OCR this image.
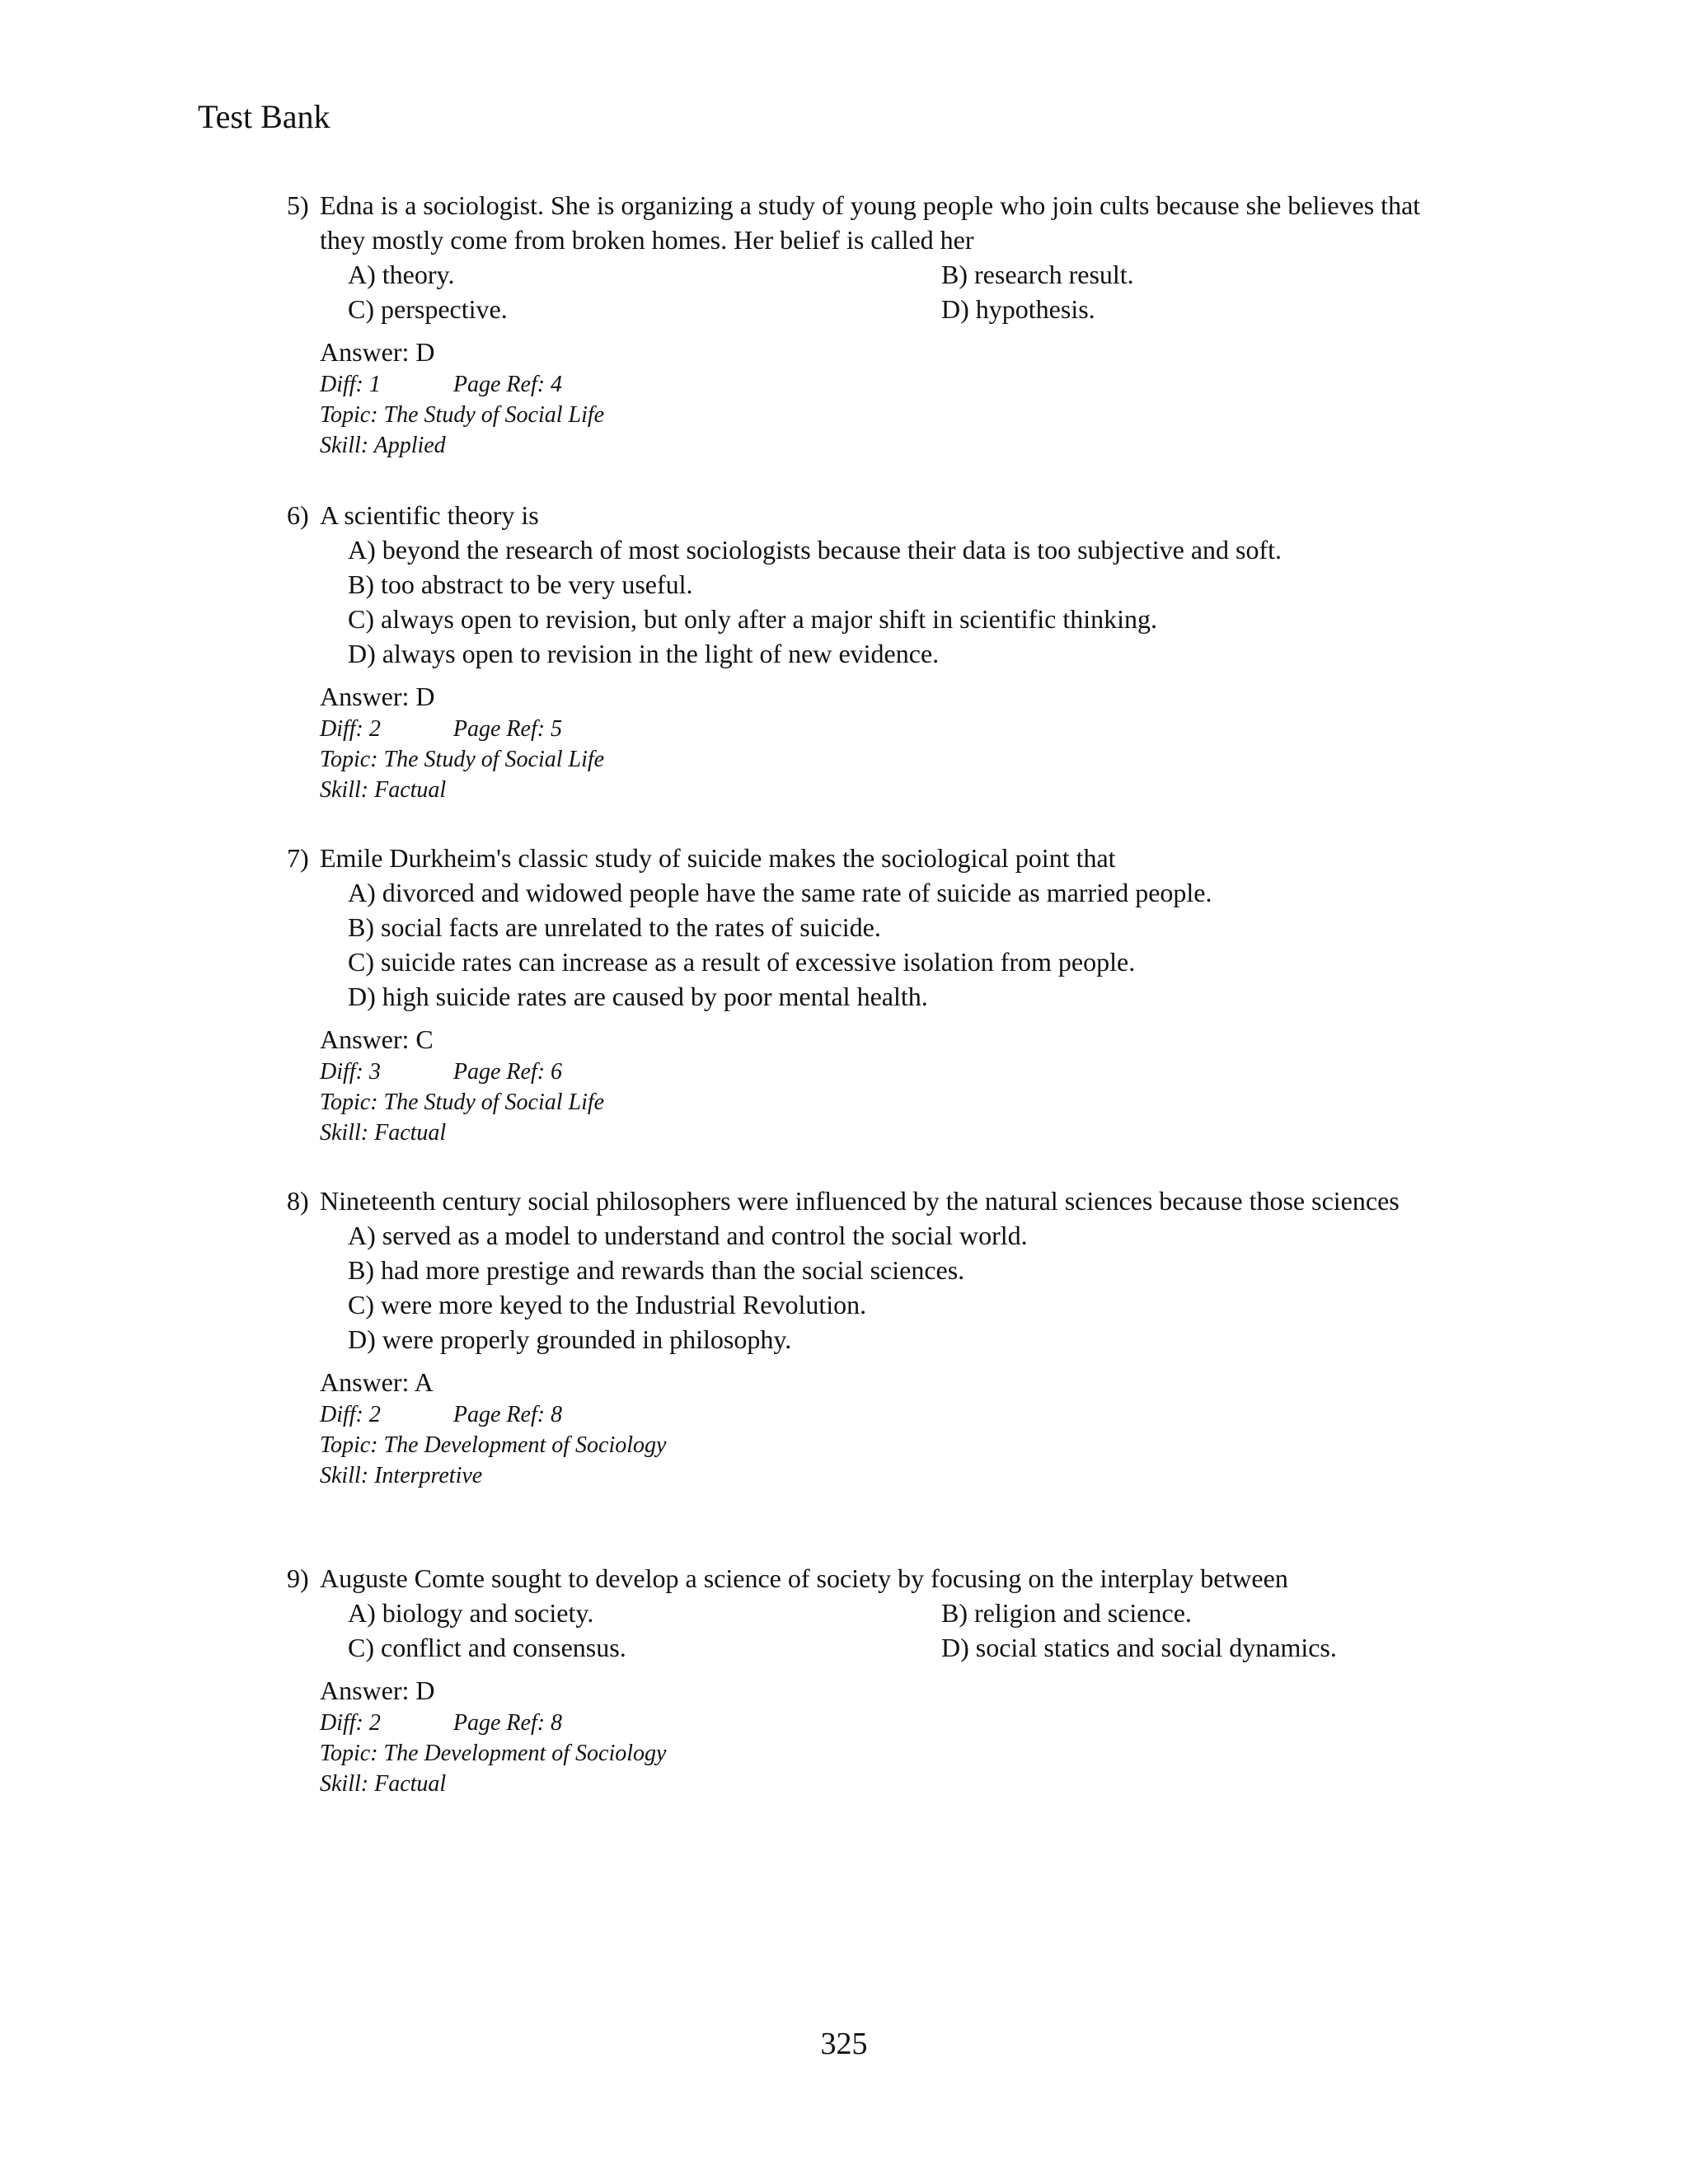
Test Bank
5) Edna is a sociologist. She is organizing a study of young people who join cults because she believes that they mostly come from broken homes. Her belief is called her
A) theory.	B) research result.
C) perspective.	D) hypothesis.
Answer: D
Diff: 1	Page Ref: 4
Topic: The Study of Social Life
Skill: Applied
6) A scientific theory is
A) beyond the research of most sociologists because their data is too subjective and soft.
B) too abstract to be very useful.
C) always open to revision, but only after a major shift in scientific thinking.
D) always open to revision in the light of new evidence.
Answer: D
Diff: 2	Page Ref: 5
Topic: The Study of Social Life
Skill: Factual
7) Emile Durkheim's classic study of suicide makes the sociological point that
A) divorced and widowed people have the same rate of suicide as married people.
B) social facts are unrelated to the rates of suicide.
C) suicide rates can increase as a result of excessive isolation from people.
D) high suicide rates are caused by poor mental health.
Answer: C
Diff: 3	Page Ref: 6
Topic: The Study of Social Life
Skill: Factual
8) Nineteenth century social philosophers were influenced by the natural sciences because those sciences
A) served as a model to understand and control the social world.
B) had more prestige and rewards than the social sciences.
C) were more keyed to the Industrial Revolution.
D) were properly grounded in philosophy.
Answer: A
Diff: 2	Page Ref: 8
Topic: The Development of Sociology
Skill: Interpretive
9) Auguste Comte sought to develop a science of society by focusing on the interplay between
A) biology and society.	B) religion and science.
C) conflict and consensus.	D) social statics and social dynamics.
Answer: D
Diff: 2	Page Ref: 8
Topic: The Development of Sociology
Skill: Factual
325
